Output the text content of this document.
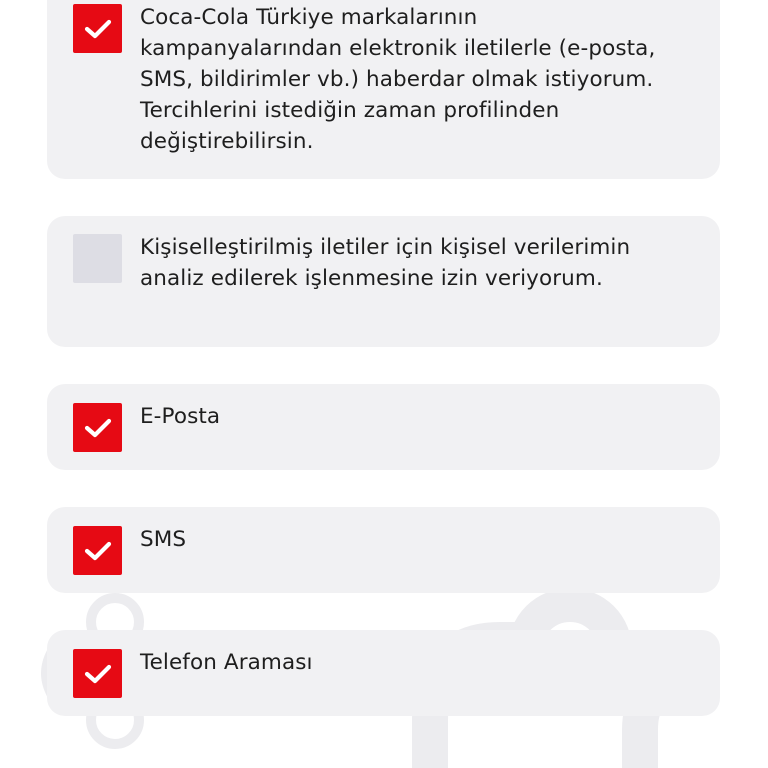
Coca-Cola Türkiye markalarının kampanyalarından elektronik iletilerle (e-posta, SMS, bildirimler vb.) haberdar olmak istiyorum. Tercihlerini istediğin zaman profilinden değiştirebilirsin.

Kişiselleştirilmiş iletiler için kişisel verilerimin analiz edilerek işlenmesine izin veriyorum.

E-Posta

SMS

Telefon Araması
